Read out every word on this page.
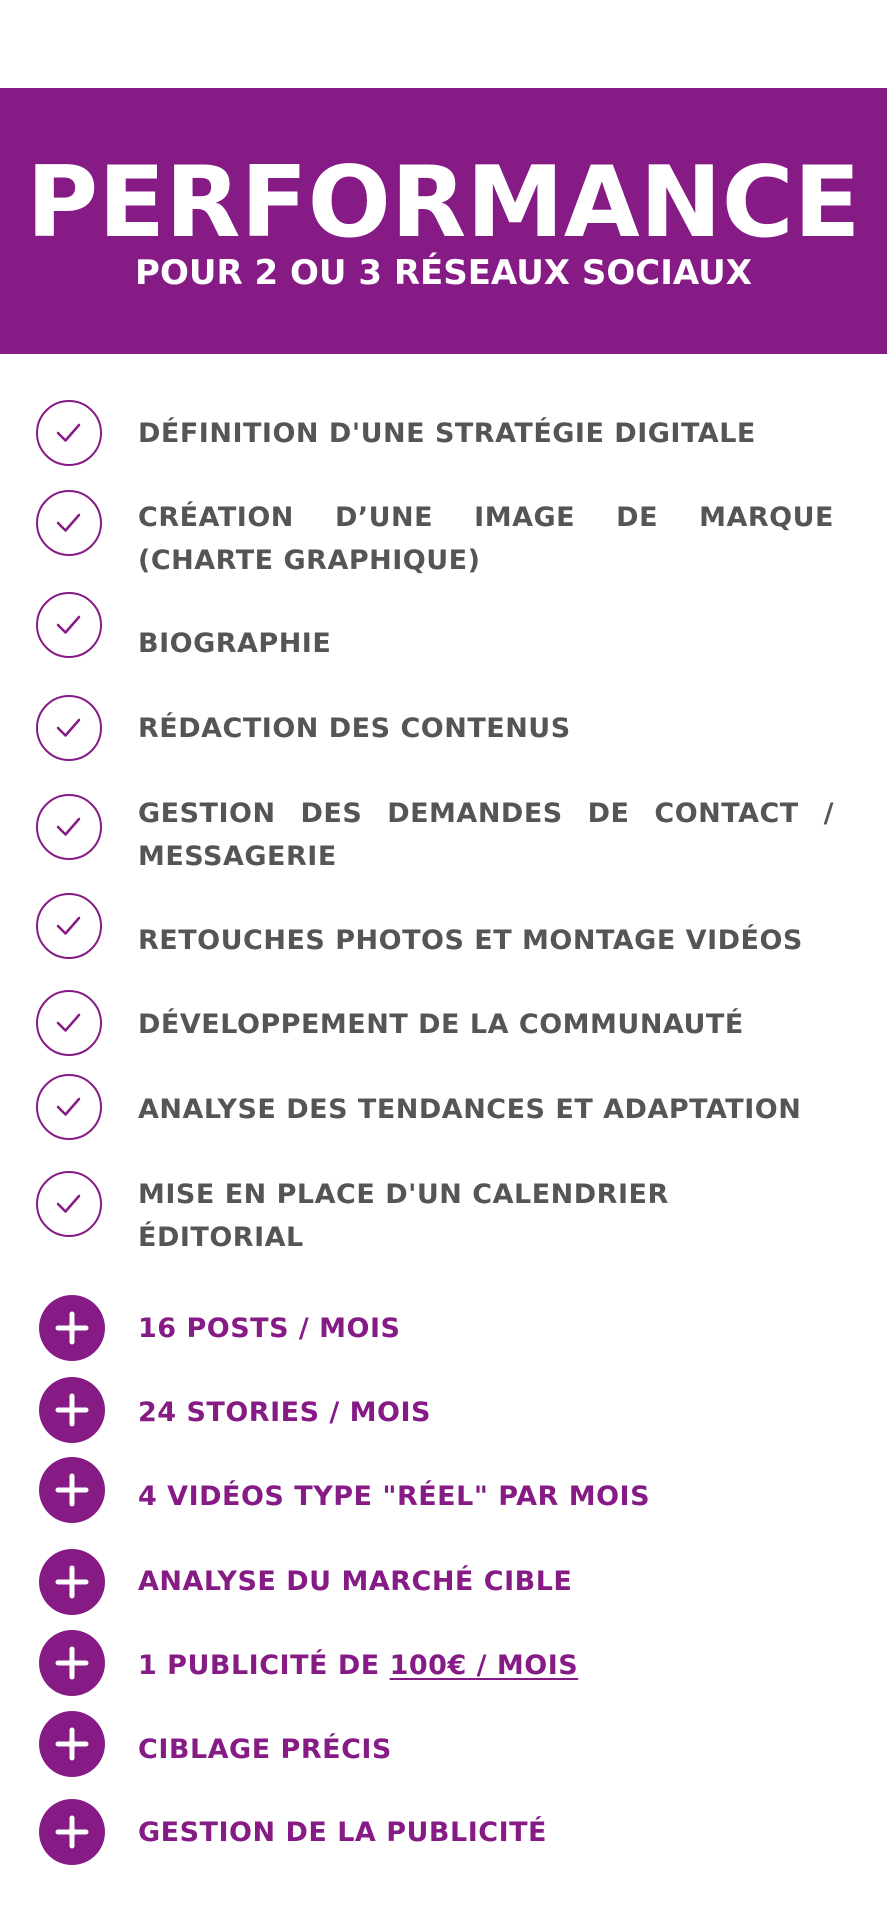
PERFORMANCE
POUR 2 OU 3 RÉSEAUX SOCIAUX
DÉFINITION D'UNE STRATÉGIE DIGITALE
CRÉATION D’UNE IMAGE DE MARQUE (CHARTE GRAPHIQUE)
BIOGRAPHIE
RÉDACTION DES CONTENUS
GESTION DES DEMANDES DE CONTACT / MESSAGERIE
RETOUCHES PHOTOS ET MONTAGE VIDÉOS
DÉVELOPPEMENT DE LA COMMUNAUTÉ
ANALYSE DES TENDANCES ET ADAPTATION
MISE EN PLACE D'UN CALENDRIER ÉDITORIAL
16 POSTS / MOIS
24 STORIES / MOIS
4 VIDÉOS TYPE "RÉEL" PAR MOIS
ANALYSE DU MARCHÉ CIBLE
1 PUBLICITÉ DE 100€ / MOIS
CIBLAGE PRÉCIS
GESTION DE LA PUBLICITÉ
